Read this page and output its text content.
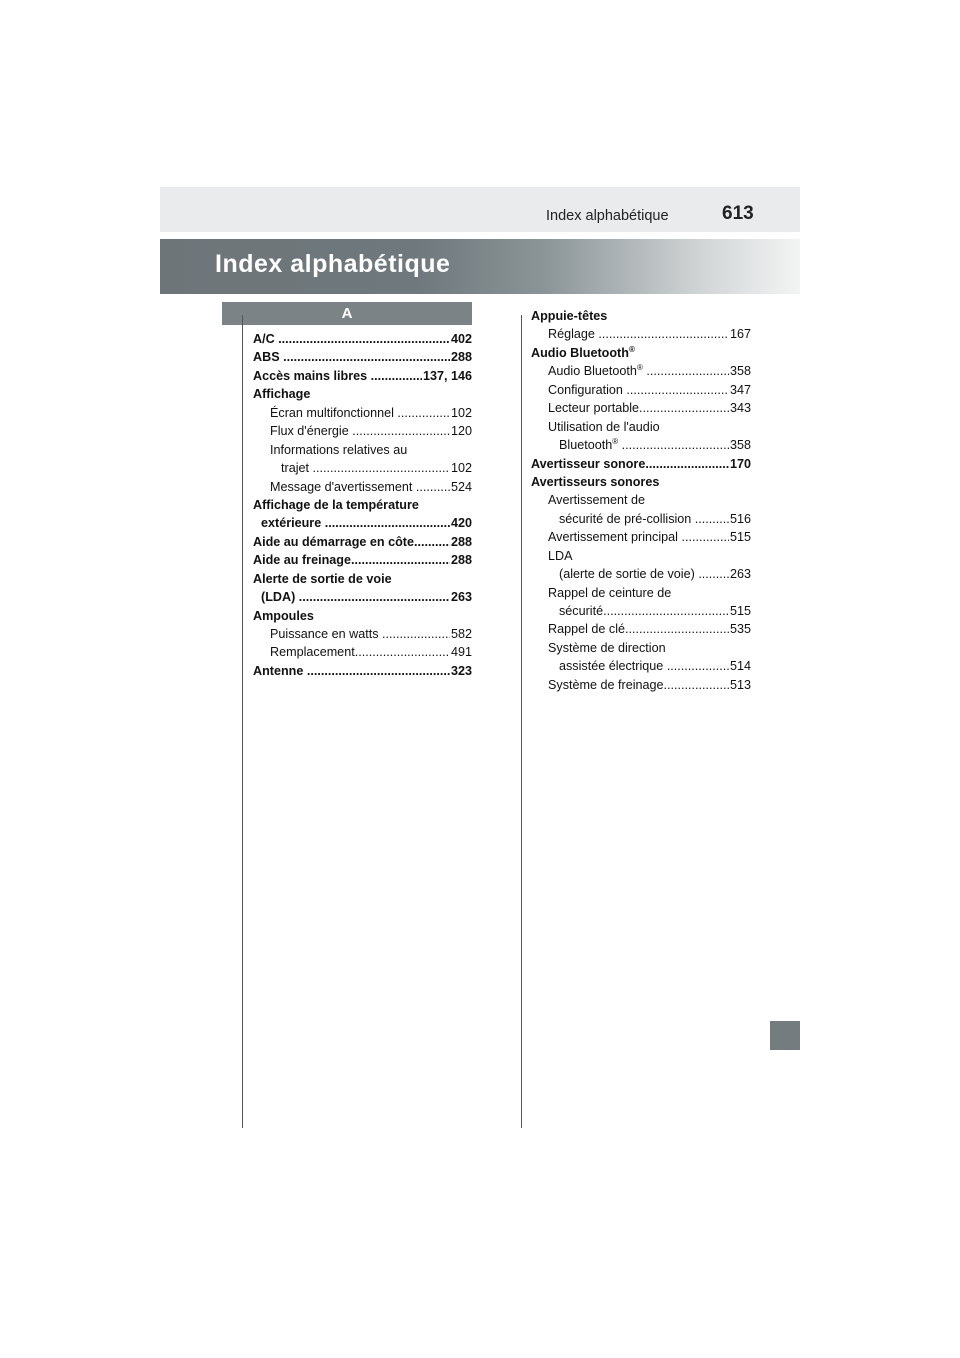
Index alphabétique	613
Index alphabétique
A
A/C	402
.....
ABS	288
.....
Accès mains libres	137, 146
.....
Affichage
Écran multifonctionnel	102
.....
Flux d'énergie	120
.....
Informations relatives au
trajet	102
.....
Message d'avertissement	524
.....
Affichage de la température
extérieure	420
.....
Aide au démarrage en côte	288
.....
Aide au freinage	288
.....
Alerte de sortie de voie
(LDA)	263
.....
Ampoules
Puissance en watts	582
.....
Remplacement	491
.....
Antenne	323
.....
Appuie-têtes
Réglage	167
.....
Audio Bluetooth®
Audio Bluetooth®	358
.....
Configuration	347
.....
Lecteur portable	343
.....
Utilisation de l'audio
Bluetooth®	358
.....
Avertisseur sonore	170
.....
Avertisseurs sonores
Avertissement de
sécurité de pré-collision	516
.....
Avertissement principal	515
.....
LDA
(alerte de sortie de voie)	263
.....
Rappel de ceinture de
sécurité	515
.....
Rappel de clé	535
.....
Système de direction
assistée électrique	514
.....
Système de freinage	513
.....
